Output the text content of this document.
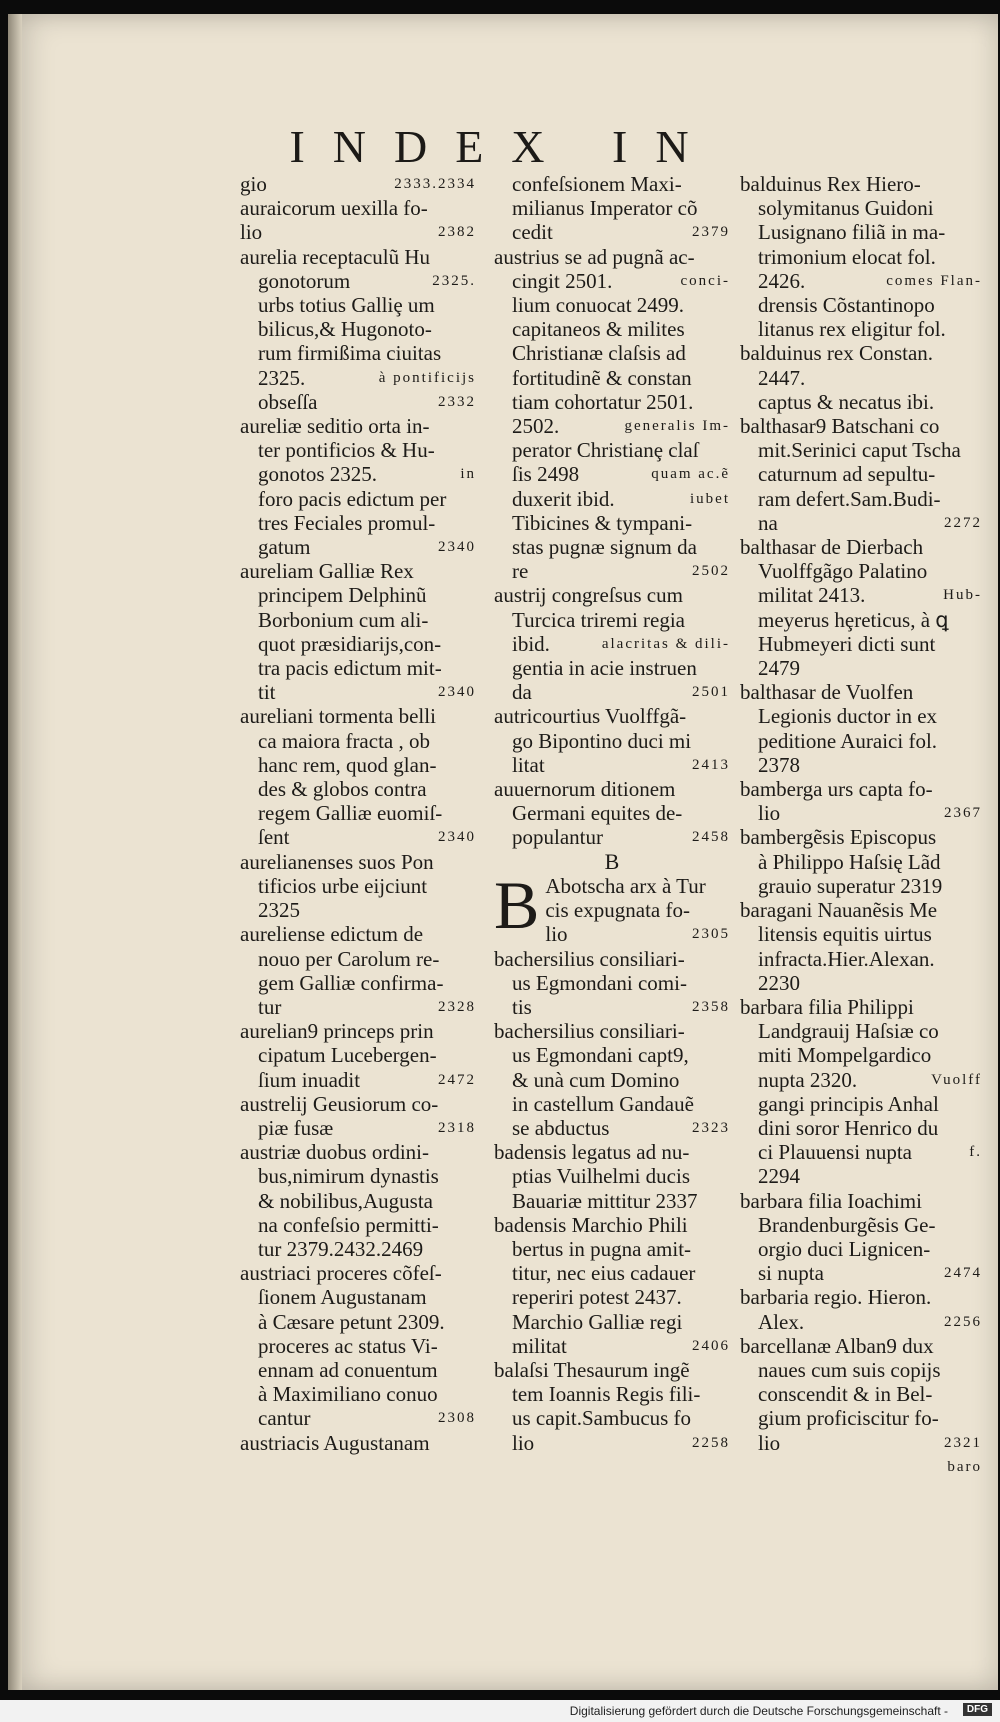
INDEX IN
gio	2333.2334
auraicorum uexilla fo-
lio	2382
aurelia receptaculũ Hu
gonotorum	2325.
urbs totius Galliȩ um
bilicus,& Hugonoto-
rum firmißima ciuitas
2325.	à pontificijs
obseſſa	2332
aureliæ seditio orta in-
ter pontificios & Hu-
gonotos 2325.	in
foro pacis edictum per
tres Feciales promul-
gatum	2340
aureliam Galliæ Rex
principem Delphinũ
Borbonium cum ali-
quot præsidiarijs,con-
tra pacis edictum mit-
tit	2340
aureliani tormenta belli
ca maiora fracta , ob
hanc rem, quod glan-
des & globos contra
regem Galliæ euomiſ-
ſent	2340
aurelianenses suos Pon
tificios urbe eijciunt
2325
aureliense edictum de
nouo per Carolum re-
gem Galliæ confirma-
tur	2328
aurelian9 princeps prin
cipatum Lucebergen-
ſium inuadit	2472
austrelij Geusiorum co-
piæ fusæ	2318
austriæ duobus ordini-
bus,nimirum dynastis
& nobilibus,Augusta
na confeſsio permitti-
tur 2379.2432.2469
austriaci proceres cõfeſ-
ſionem Augustanam
à Cæsare petunt 2309.
proceres ac status Vi-
ennam ad conuentum
à Maximiliano conuo
cantur	2308
austriacis Augustanam
confeſsionem Maxi-
milianus Imperator cõ
cedit	2379
austrius se ad pugnã ac-
cingit 2501.	conci-
lium conuocat 2499.
capitaneos & milites
Christianæ claſsis ad
fortitudinẽ & constan
tiam cohortatur 2501.
2502.	generalis Im-
perator Christianȩ claſ
ſis 2498	quam ac.ẽ
duxerit ibid.	iubet
Tibicines & tympani-
stas pugnæ signum da
re	2502
austrij congreſsus cum
Turcica triremi regia
ibid.	alacritas & dili-
gentia in acie instruen
da	2501
autricourtius Vuolffgã-
go Bipontino duci mi
litat	2413
auuernorum ditionem
Germani equites de-
populantur	2458
B
B Abotscha arx à Tur
cis expugnata fo-
lio	2305
bachersilius consiliari-
us Egmondani comi-
tis	2358
bachersilius consiliari-
us Egmondani capt9,
& unà cum Domino
in castellum Gandauẽ
se abductus	2323
badensis legatus ad nu-
ptias Vuilhelmi ducis
Bauariæ mittitur 2337
badensis Marchio Phili
bertus in pugna amit-
titur, nec eius cadauer
reperiri potest 2437.
Marchio Galliæ regi
militat	2406
balaſsi Thesaurum ingẽ
tem Ioannis Regis fili-
us capit.Sambucus fo
lio	2258
balduinus Rex Hiero-
solymitanus Guidoni
Lusignano filiã in ma-
trimonium elocat fol.
2426.	comes Flan-
drensis Cõstantinopo
litanus rex eligitur fol.
balduinus rex Constan.
2447.
captus & necatus ibi.
balthasar9 Batschani co
mit.Serinici caput Tscha
caturnum ad sepultu-
ram defert.Sam.Budi-
na	2272
balthasar de Dierbach
Vuolffgãgo Palatino
militat 2413.	Hub-
meyerus hȩreticus, à ꝗ
Hubmeyeri dicti sunt
2479
balthasar de Vuolfen
Legionis ductor in ex
peditione Auraici fol.
2378
bamberga urs capta fo-
lio	2367
bambergẽsis Episcopus
à Philippo Haſsię Lãd
grauio superatur 2319
baragani Nauanẽsis Me
litensis equitis uirtus
infracta.Hier.Alexan.
2230
barbara filia Philippi
Landgrauij Haſsiæ co
miti Mompelgardico
nupta 2320.	Vuolff
gangi principis Anhal
dini soror Henrico du
ci Plauuensi nupta	f.
2294
barbara filia Ioachimi
Brandenburgẽsis Ge-
orgio duci Lignicen-
si nupta	2474
barbaria regio. Hieron.
Alex.	2256
barcellanæ Alban9 dux
naues cum suis copijs
conscendit & in Bel-
gium proficiscitur fo-
lio	2321
baro
Digitalisierung gefördert durch die Deutsche Forschungsgemeinschaft -	DFG
